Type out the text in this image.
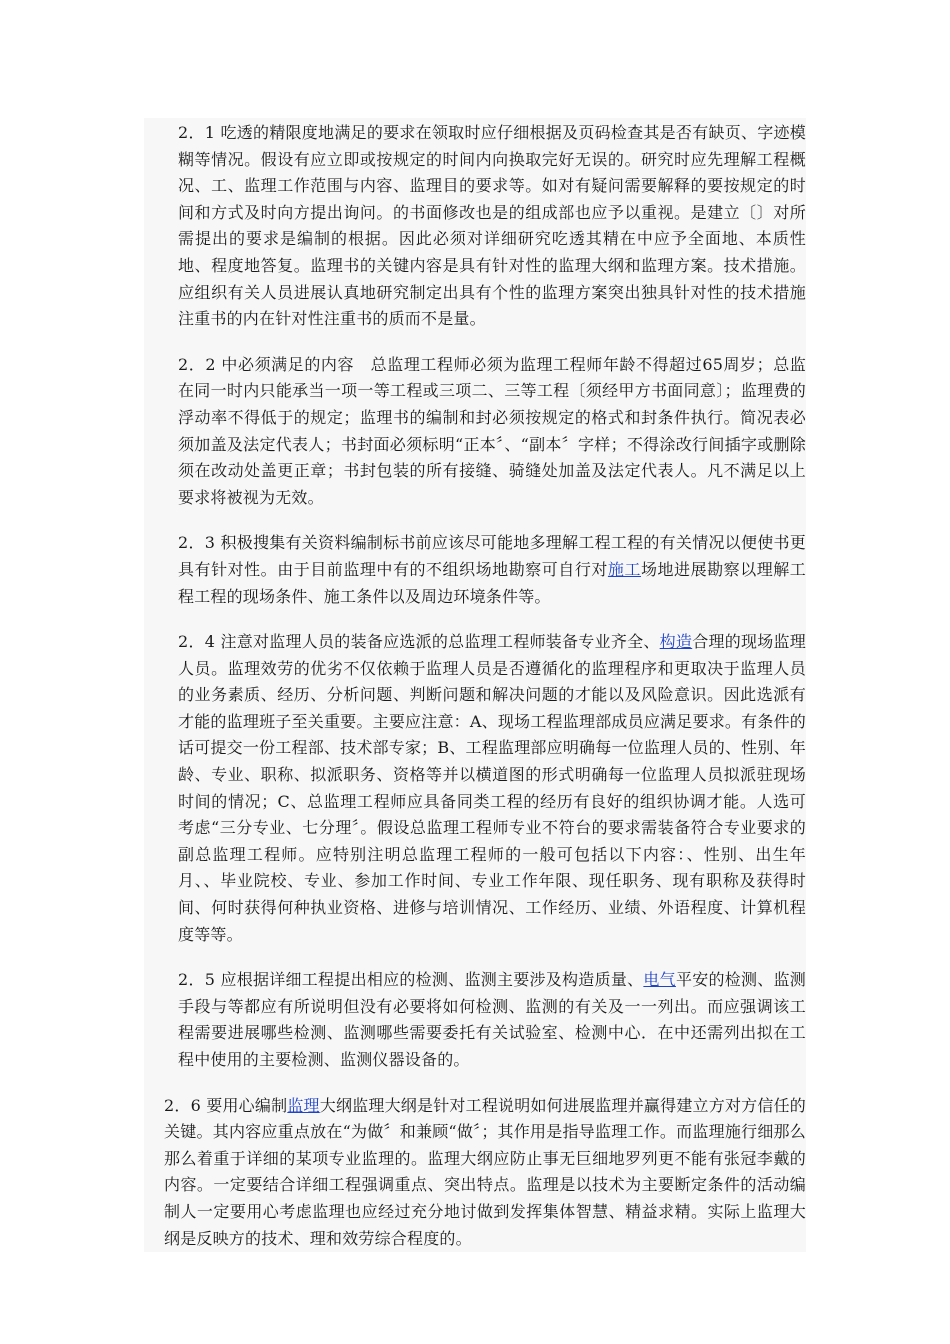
2．1 吃透的精限度地满足的要求在领取时应仔细根据及页码检查其是否有缺页、字迹模糊等情况。假设有应立即或按规定的时间内向换取完好无误的。研究时应先理解工程概况、工、监理工作范围与内容、监理目的要求等。如对有疑问需要解释的要按规定的时间和方式及时向方提出询问。的书面修改也是的组成部也应予以重视。是建立〔〕对所需提出的要求是编制的根据。因此必须对详细研究吃透其精在中应予全面地、本质性地、程度地答复。监理书的关键内容是具有针对性的监理大纲和监理方案。技术措施。应组织有关人员进展认真地研究制定出具有个性的监理方案突出独具针对性的技术措施注重书的内在针对性注重书的质而不是量。

2．2 中必须满足的内容　总监理工程师必须为监理工程师年龄不得超过65周岁；总监在同一时内只能承当一项一等工程或三项二、三等工程〔须经甲方书面同意〕；监理费的浮动率不得低于的规定；监理书的编制和封必须按规定的格式和封条件执行。简况表必须加盖及法定代表人；书封面必须标明“正本〞、“副本〞字样；不得涂改行间插字或删除须在改动处盖更正章；书封包装的所有接缝、骑缝处加盖及法定代表人。凡不满足以上要求将被视为无效。

2．3 积极搜集有关资料编制标书前应该尽可能地多理解工程工程的有关情况以便使书更具有针对性。由于目前监理中有的不组织场地勘察可自行对施工场地进展勘察以理解工程工程的现场条件、施工条件以及周边环境条件等。

2．4 注意对监理人员的装备应选派的总监理工程师装备专业齐全、构造合理的现场监理人员。监理效劳的优劣不仅依赖于监理人员是否遵循化的监理程序和更取决于监理人员的业务素质、经历、分析问题、判断问题和解决问题的才能以及风险意识。因此选派有才能的监理班子至关重要。主要应注意：A、现场工程监理部成员应满足要求。有条件的话可提交一份工程部、技术部专家；B、工程监理部应明确每一位监理人员的、性别、年龄、专业、职称、拟派职务、资格等并以横道图的形式明确每一位监理人员拟派驻现场时间的情况；C、总监理工程师应具备同类工程的经历有良好的组织协调才能。人选可考虑“三分专业、七分理〞。假设总监理工程师专业不符台的要求需装备符合专业要求的副总监理工程师。应特别注明总监理工程师的一般可包括以下内容：、性别、出生年月、、毕业院校、专业、参加工作时间、专业工作年限、现任职务、现有职称及获得时间、何时获得何种执业资格、进修与培训情况、工作经历、业绩、外语程度、计算机程度等等。

2．5 应根据详细工程提出相应的检测、监测主要涉及构造质量、电气平安的检测、监测手段与等都应有所说明但没有必要将如何检测、监测的有关及一一列出。而应强调该工程需要进展哪些检测、监测哪些需要委托有关试验室、检测中心．在中还需列出拟在工程中使用的主要检测、监测仪器设备的。

2．6 要用心编制监理大纲监理大纲是针对工程说明如何进展监理并赢得建立方对方信任的关键。其内容应重点放在“为做〞和兼顾“做〞；其作用是指导监理工作。而监理施行细那么那么着重于详细的某项专业监理的。监理大纲应防止事无巨细地罗列更不能有张冠李戴的内容。一定要结合详细工程强调重点、突出特点。监理是以技术为主要断定条件的活动编制人一定要用心考虑监理也应经过充分地讨做到发挥集体智慧、精益求精。实际上监理大纲是反映方的技术、理和效劳综合程度的。
